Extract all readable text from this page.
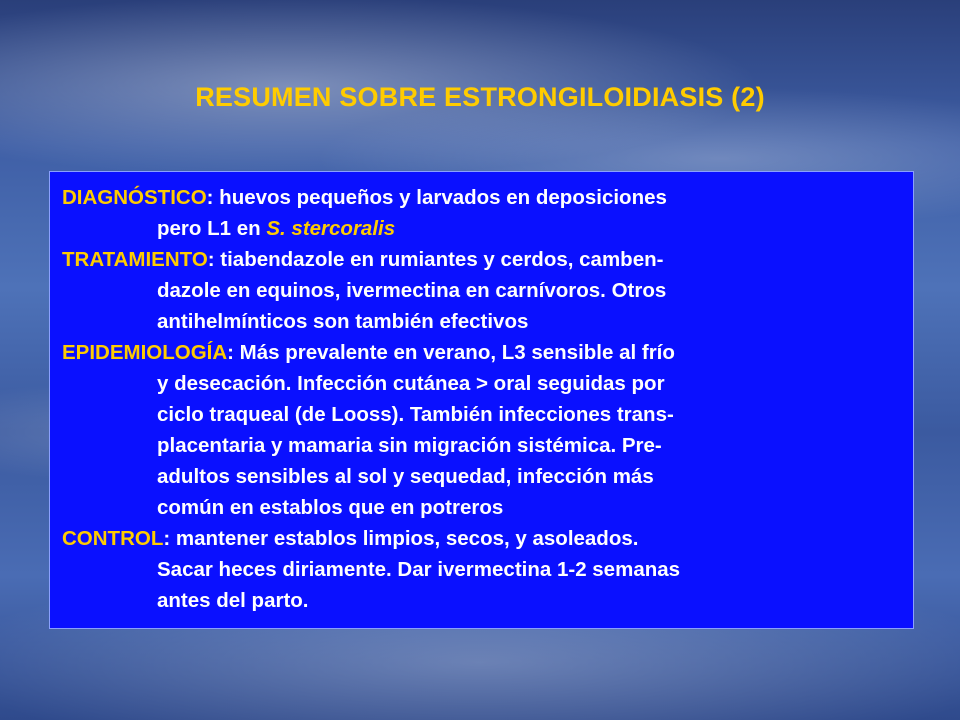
RESUMEN SOBRE ESTRONGILOIDIASIS (2)
DIAGNÓSTICO: huevos pequeños y larvados en deposiciones
pero L1 en S. stercoralis
TRATAMIENTO: tiabendazole en rumiantes y cerdos, camben-
dazole en equinos, ivermectina en carnívoros. Otros
antihelmínticos son también efectivos
EPIDEMIOLOGÍA: Más prevalente en verano, L3 sensible al frío
y desecación. Infección cutánea > oral seguidas por
ciclo traqueal (de Looss). También infecciones trans-
placentaria y mamaria sin migración sistémica. Pre-
adultos sensibles al sol y sequedad, infección más
común en establos que en potreros
CONTROL: mantener establos limpios, secos, y asoleados.
Sacar heces diriamente. Dar ivermectina 1-2 semanas
antes del parto.
